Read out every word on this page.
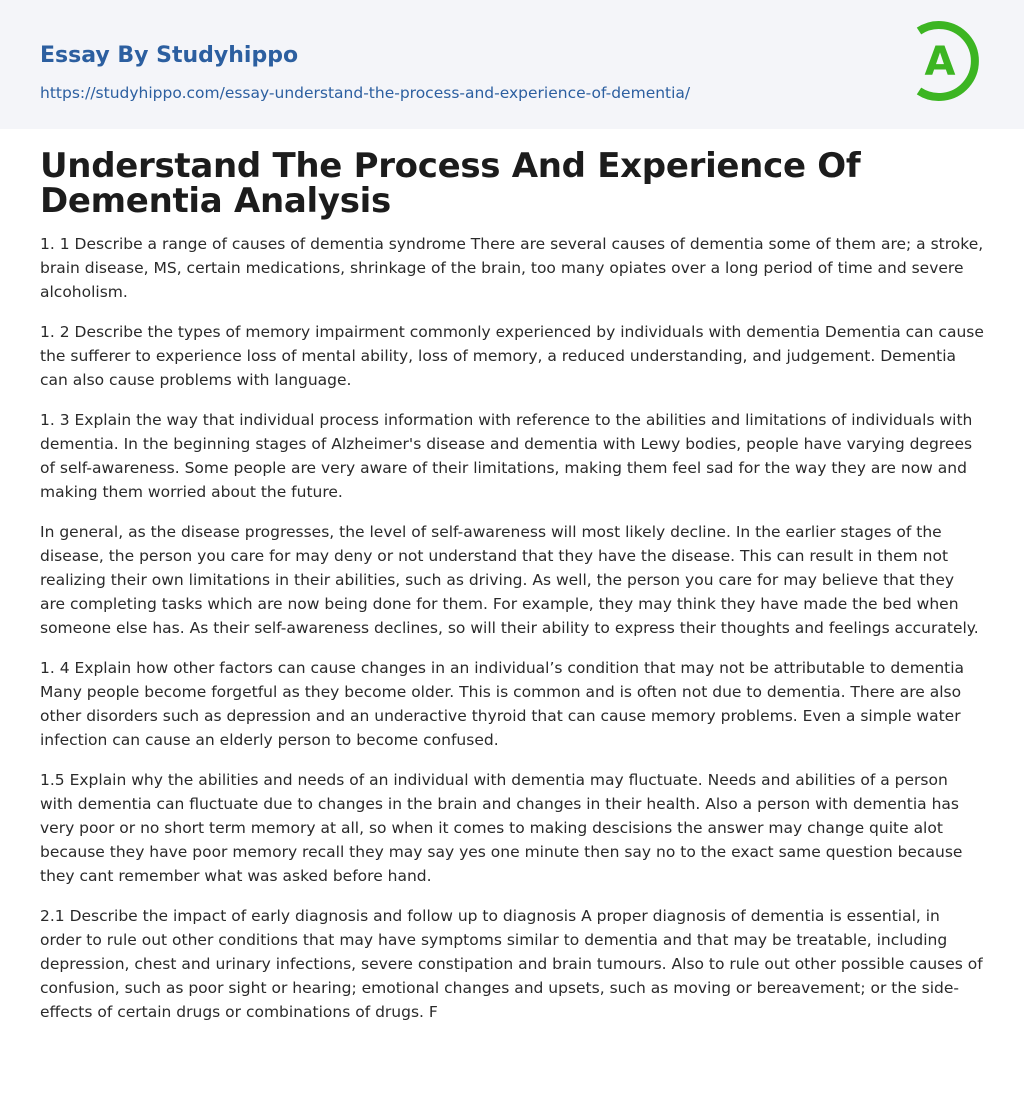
Essay By Studyhippo
https://studyhippo.com/essay-understand-the-process-and-experience-of-dementia/
A
Understand The Process And Experience Of Dementia Analysis

1. 1 Describe a range of causes of dementia syndrome There are several causes of dementia some of them are; a stroke, brain disease, MS, certain medications, shrinkage of the brain, too many opiates over a long period of time and severe alcoholism.

1. 2 Describe the types of memory impairment commonly experienced by individuals with dementia Dementia can cause the sufferer to experience loss of mental ability, loss of memory, a reduced understanding, and judgement. Dementia can also cause problems with language.

1. 3 Explain the way that individual process information with reference to the abilities and limitations of individuals with dementia. In the beginning stages of Alzheimer's disease and dementia with Lewy bodies, people have varying degrees of self-awareness. Some people are very aware of their limitations, making them feel sad for the way they are now and making them worried about the future.

In general, as the disease progresses, the level of self-awareness will most likely decline. In the earlier stages of the disease, the person you care for may deny or not understand that they have the disease. This can result in them not realizing their own limitations in their abilities, such as driving. As well, the person you care for may believe that they are completing tasks which are now being done for them. For example, they may think they have made the bed when someone else has. As their self-awareness declines, so will their ability to express their thoughts and feelings accurately.

1. 4 Explain how other factors can cause changes in an individual’s condition that may not be attributable to dementia Many people become forgetful as they become older. This is common and is often not due to dementia. There are also other disorders such as depression and an underactive thyroid that can cause memory problems. Even a simple water infection can cause an elderly person to become confused.

1.5 Explain why the abilities and needs of an individual with dementia may fluctuate. Needs and abilities of a person with dementia can fluctuate due to changes in the brain and changes in their health. Also a person with dementia has very poor or no short term memory at all, so when it comes to making descisions the answer may change quite alot because they have poor memory recall they may say yes one minute then say no to the exact same question because they cant remember what was asked before hand.

2.1 Describe the impact of early diagnosis and follow up to diagnosis A proper diagnosis of dementia is essential, in order to rule out other conditions that may have symptoms similar to dementia and that may be treatable, including depression, chest and urinary infections, severe constipation and brain tumours. Also to rule out other possible causes of confusion, such as poor sight or hearing; emotional changes and upsets, such as moving or bereavement; or the side-effects of certain drugs or combinations of drugs. F
